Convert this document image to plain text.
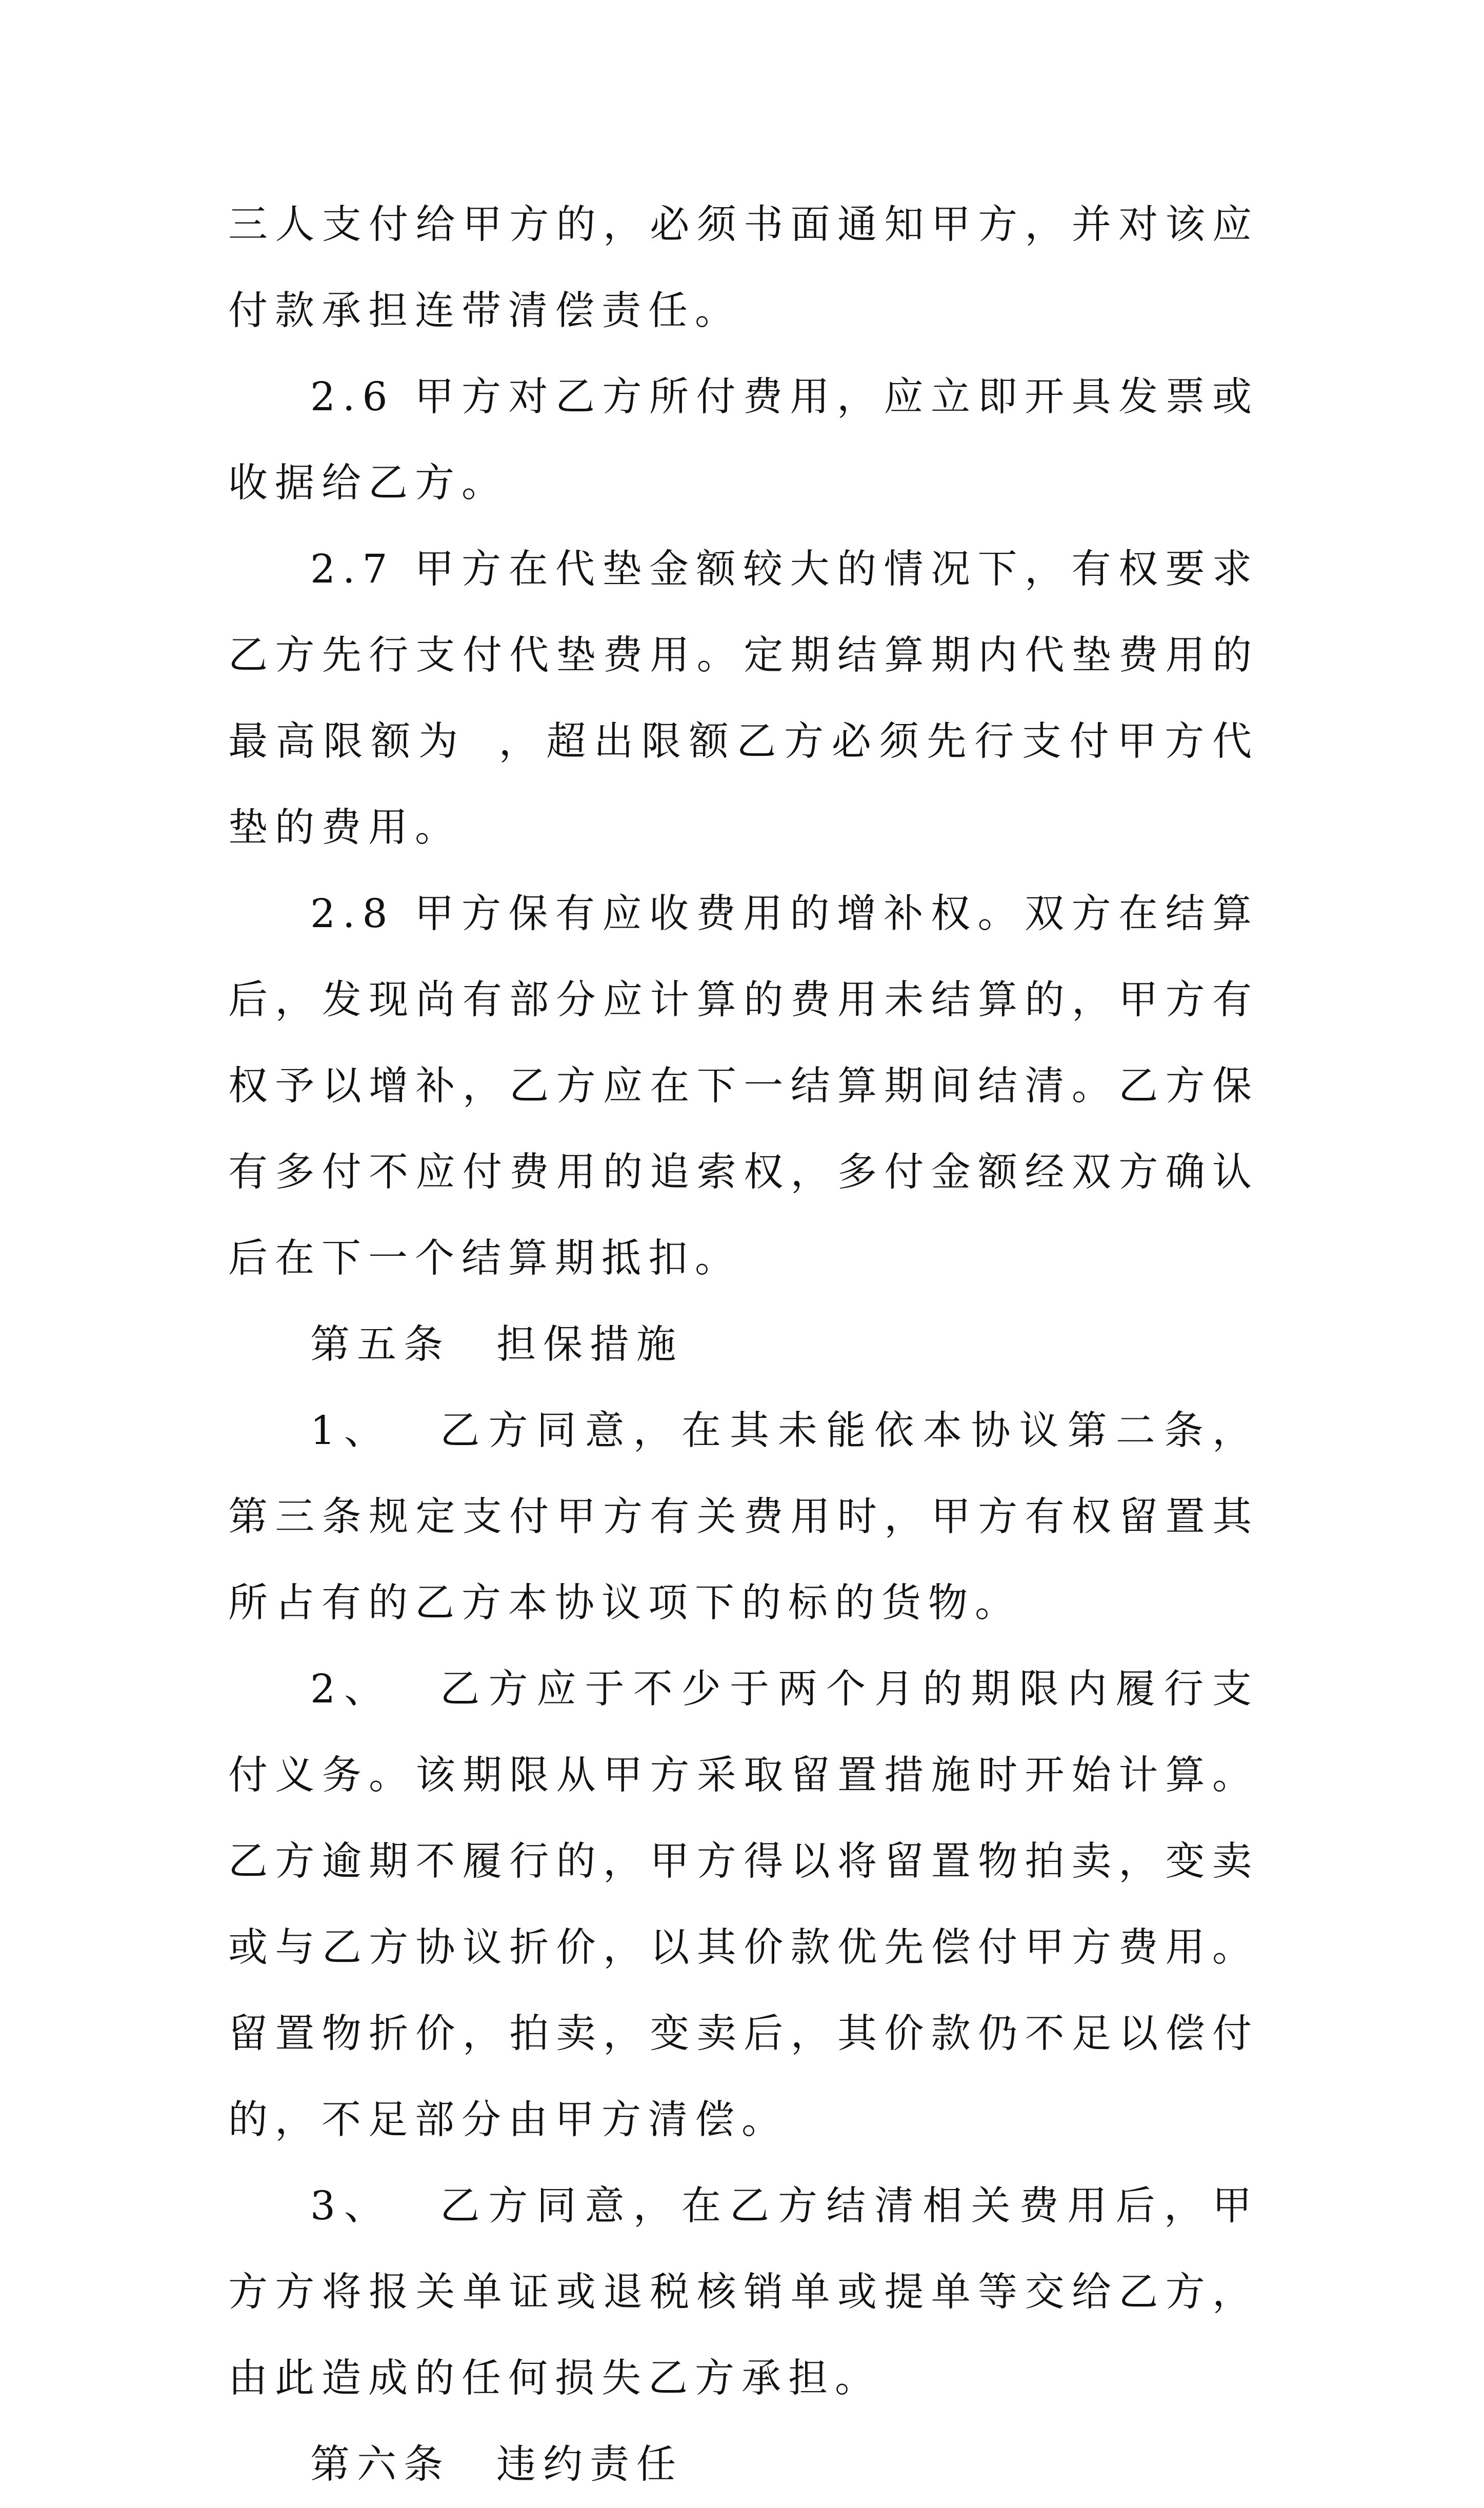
三人支付给甲方的，必须书面通知甲方，并对该应付款承担连带清偿责任。

2.6 甲方对乙方所付费用，应立即开具发票或收据给乙方。

2.7 甲方在代垫金额较大的情况下，有权要求乙方先行支付代垫费用。定期结算期内代垫费用的最高限额为 ，超出限额乙方必须先行支付甲方代垫的费用。

2.8 甲方保有应收费用的增补权。双方在结算后，发现尚有部分应计算的费用未结算的，甲方有权予以增补，乙方应在下一结算期间结清。乙方保有多付不应付费用的追索权，多付金额经双方确认后在下一个结算期抵扣。

第五条 担保措施

1、 乙方同意，在其未能依本协议第二条，第三条规定支付甲方有关费用时，甲方有权留置其所占有的乙方本协议项下的标的货物。

2、 乙方应于不少于两个月的期限内履行支付义务。该期限从甲方采取留置措施时开始计算。乙方逾期不履行的，甲方得以将留置物拍卖，变卖或与乙方协议折价，以其价款优先偿付甲方费用。留置物折价，拍卖，变卖后，其价款仍不足以偿付的，不足部分由甲方清偿。

3、 乙方同意，在乙方结清相关费用后，甲方方将报关单证或退税核销单或提单等交给乙方，由此造成的任何损失乙方承担。

第六条 违约责任
